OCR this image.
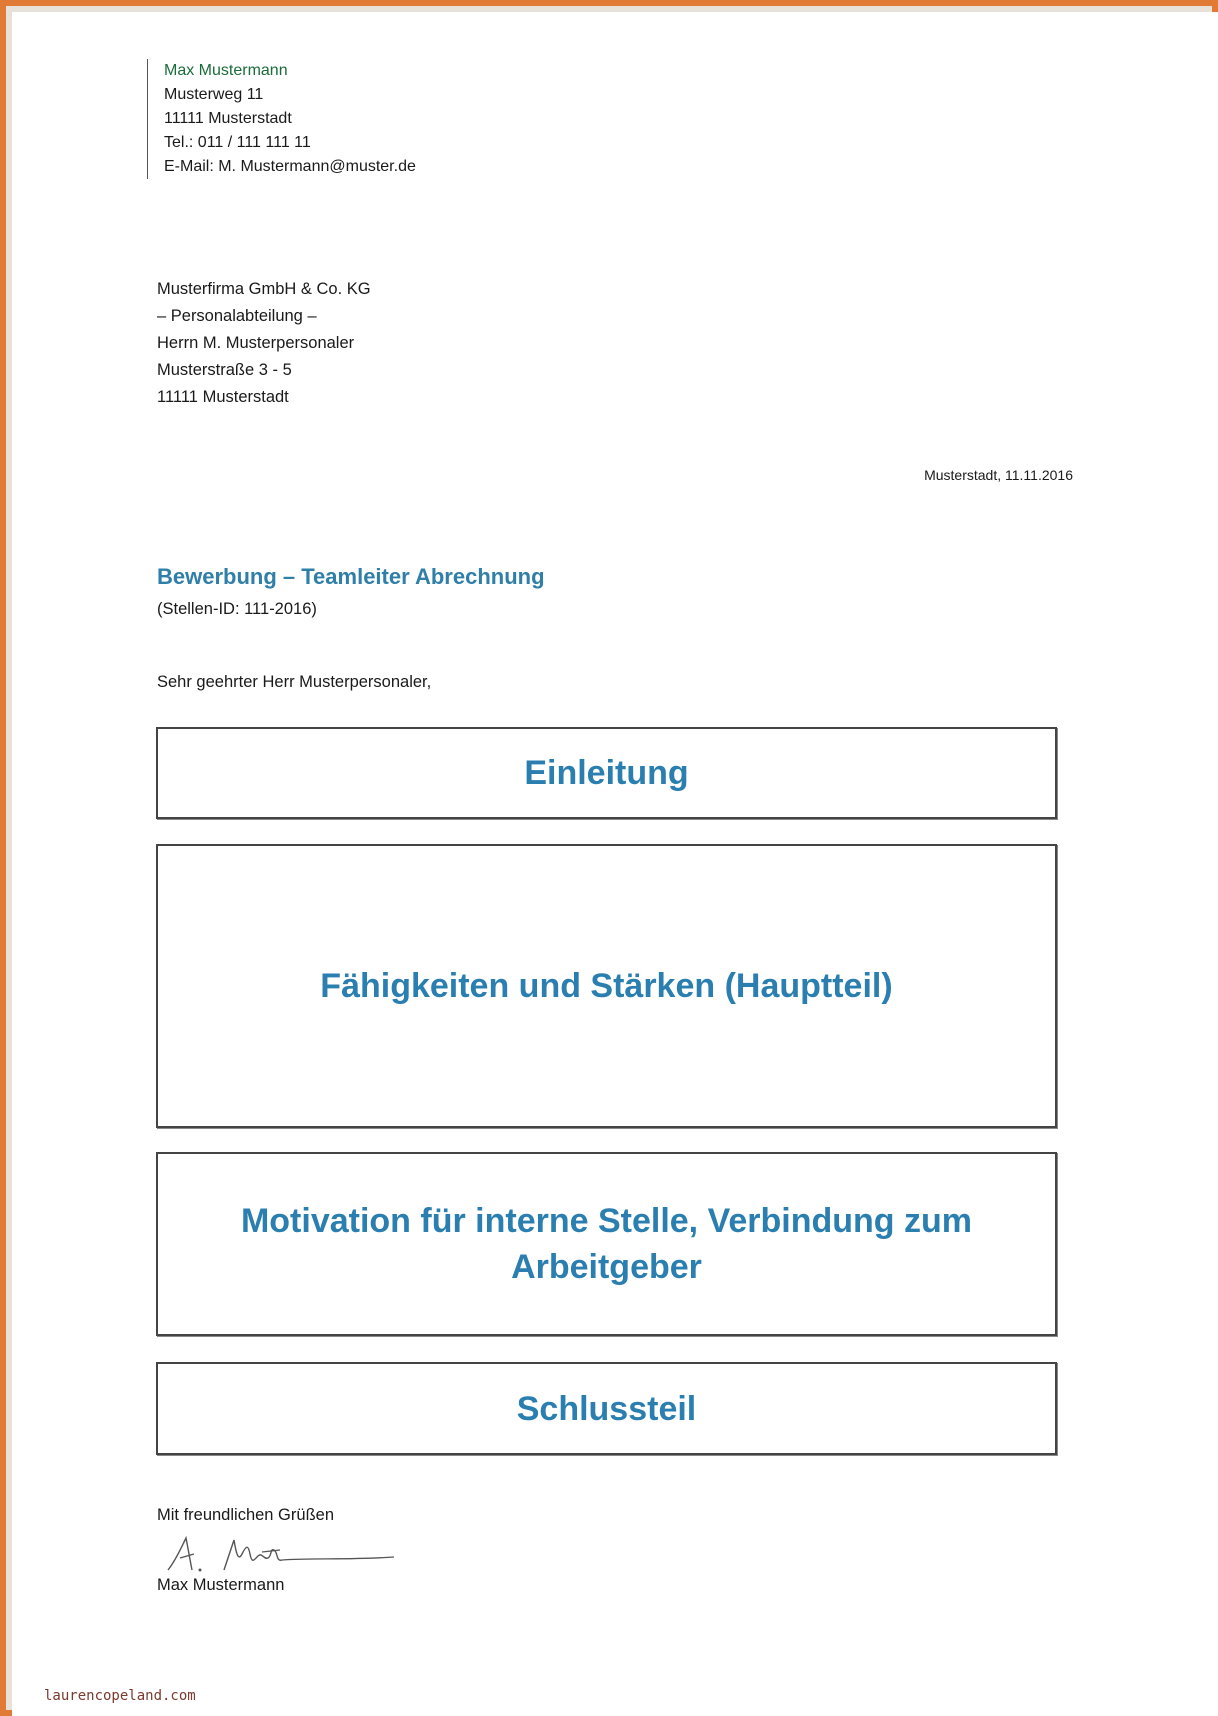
Max Mustermann
Musterweg 11
11111 Musterstadt
Tel.: 011 / 111 111 11
E-Mail: M. Mustermann@muster.de
Musterfirma GmbH & Co. KG
– Personalabteilung –
Herrn M. Musterpersonaler
Musterstraße 3 - 5
11111 Musterstadt
Musterstadt, 11.11.2016
Bewerbung – Teamleiter Abrechnung
(Stellen-ID: 111-2016)
Sehr geehrter Herr Musterpersonaler,
Einleitung
Fähigkeiten und Stärken (Hauptteil)
Motivation für interne Stelle, Verbindung zum Arbeitgeber
Schlussteil
Mit freundlichen Grüßen
Max Mustermann
laurencopeland.com
